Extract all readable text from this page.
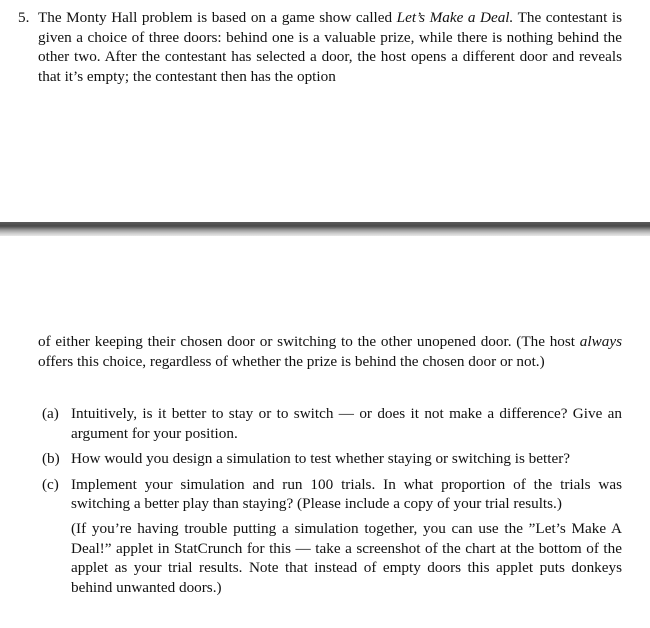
5. The Monty Hall problem is based on a game show called Let’s Make a Deal. The contestant is given a choice of three doors: behind one is a valuable prize, while there is nothing behind the other two. After the contestant has selected a door, the host opens a different door and reveals that it’s empty; the contestant then has the option
of either keeping their chosen door or switching to the other unopened door. (The host always offers this choice, regardless of whether the prize is behind the chosen door or not.)
(a) Intuitively, is it better to stay or to switch — or does it not make a difference? Give an argument for your position.
(b) How would you design a simulation to test whether staying or switching is better?
(c) Implement your simulation and run 100 trials. In what proportion of the trials was switching a better play than staying? (Please include a copy of your trial results.)
(If you’re having trouble putting a simulation together, you can use the ”Let’s Make A Deal!” applet in StatCrunch for this — take a screenshot of the chart at the bottom of the applet as your trial results. Note that instead of empty doors this applet puts donkeys behind unwanted doors.)
